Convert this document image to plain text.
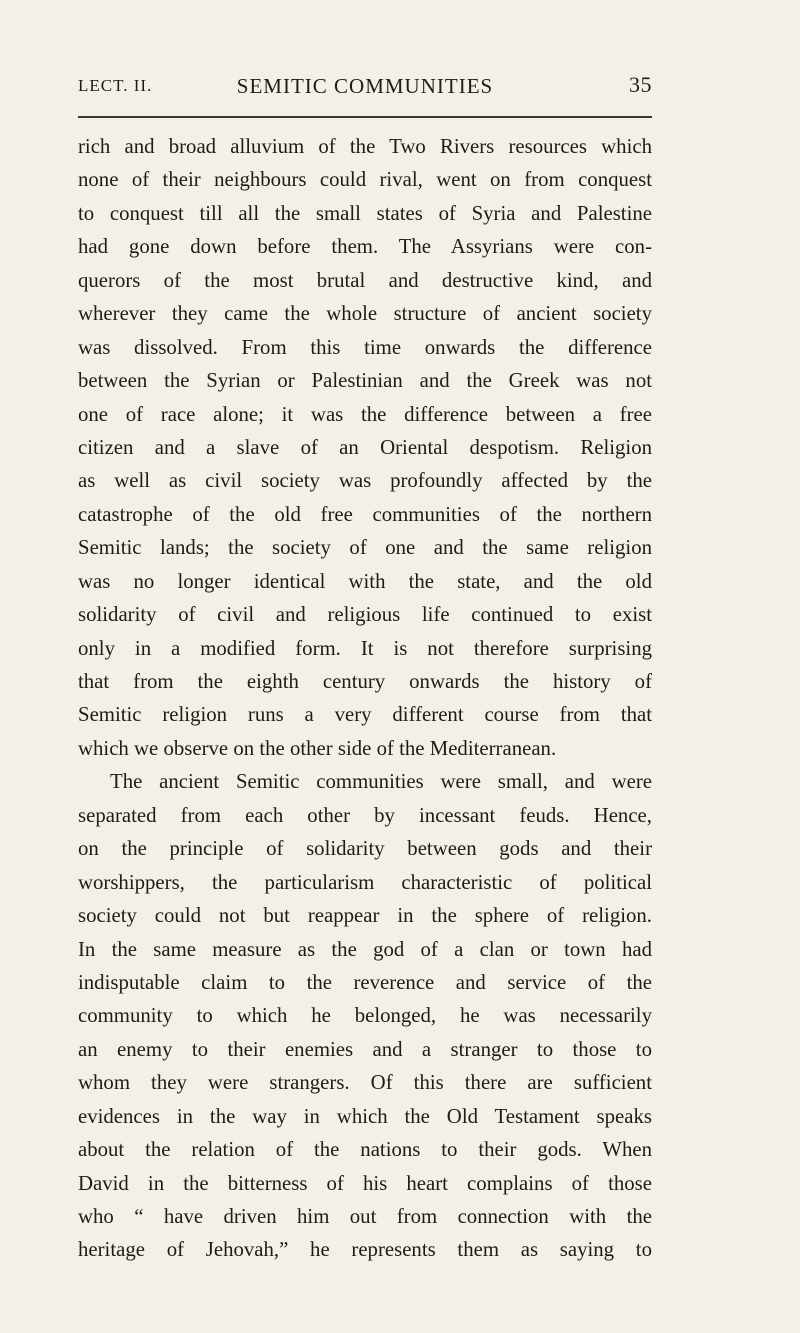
LECT. II.	SEMITIC COMMUNITIES	35
rich and broad alluvium of the Two Rivers resources which
none of their neighbours could rival, went on from conquest
to conquest till all the small states of Syria and Palestine
had gone down before them. The Assyrians were con-
querors of the most brutal and destructive kind, and
wherever they came the whole structure of ancient society
was dissolved. From this time onwards the difference
between the Syrian or Palestinian and the Greek was not
one of race alone; it was the difference between a free
citizen and a slave of an Oriental despotism. Religion
as well as civil society was profoundly affected by the
catastrophe of the old free communities of the northern
Semitic lands; the society of one and the same religion
was no longer identical with the state, and the old
solidarity of civil and religious life continued to exist
only in a modified form. It is not therefore surprising
that from the eighth century onwards the history of
Semitic religion runs a very different course from that
which we observe on the other side of the Mediterranean.
The ancient Semitic communities were small, and were
separated from each other by incessant feuds. Hence,
on the principle of solidarity between gods and their
worshippers, the particularism characteristic of political
society could not but reappear in the sphere of religion.
In the same measure as the god of a clan or town had
indisputable claim to the reverence and service of the
community to which he belonged, he was necessarily
an enemy to their enemies and a stranger to those to
whom they were strangers. Of this there are sufficient
evidences in the way in which the Old Testament speaks
about the relation of the nations to their gods. When
David in the bitterness of his heart complains of those
who “ have driven him out from connection with the
heritage of Jehovah,” he represents them as saying to
